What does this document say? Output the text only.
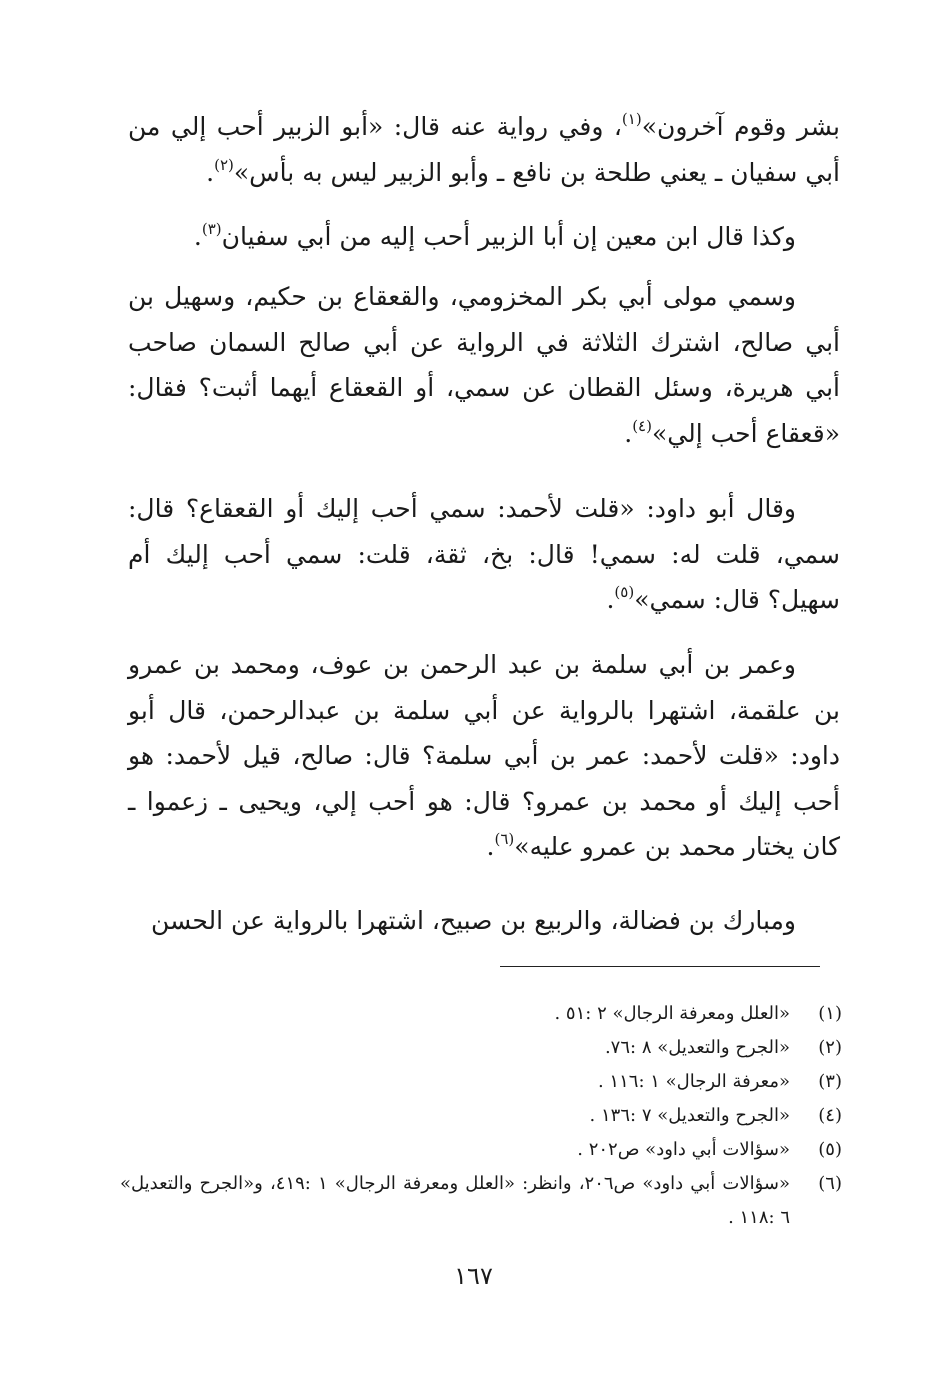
بشر وقوم آخرون»$^{(١)}$، وفي رواية عنه قال: «أبو الزبير أحب إلي من أبي سفيان ـ يعني طلحة بن نافع ـ وأبو الزبير ليس به بأس»$^{(٢)}$.
وكذا قال ابن معين إن أبا الزبير أحب إليه من أبي سفيان$^{(٣)}$.
وسمي مولى أبي بكر المخزومي، والقعقاع بن حكيم، وسهيل بن أبي صالح، اشترك الثلاثة في الرواية عن أبي صالح السمان صاحب أبي هريرة، وسئل القطان عن سمي، أو القعقاع أيهما أثبت؟ فقال: «قعقاع أحب إلي»$^{(٤)}$.
وقال أبو داود: «قلت لأحمد: سمي أحب إليك أو القعقاع؟ قال: سمي، قلت له: سمي! قال: بخ، ثقة، قلت: سمي أحب إليك أم سهيل؟ قال: سمي»$^{(٥)}$.
وعمر بن أبي سلمة بن عبد الرحمن بن عوف، ومحمد بن عمرو بن علقمة، اشتهرا بالرواية عن أبي سلمة بن عبدالرحمن، قال أبو داود: «قلت لأحمد: عمر بن أبي سلمة؟ قال: صالح، قيل لأحمد: هو أحب إليك أو محمد بن عمرو؟ قال: هو أحب إلي، ويحيى ـ زعموا ـ كان يختار محمد بن عمرو عليه»$^{(٦)}$.
ومبارك بن فضالة، والربيع بن صبيح، اشتهرا بالرواية عن الحسن
(١)
«العلل ومعرفة الرجال» ٢ :٥١ .
(٢)
«الجرح والتعديل» ٨ :٧٦.
(٣)
«معرفة الرجال» ١ :١١٦ .
(٤)
«الجرح والتعديل» ٧ :١٣٦ .
(٥)
«سؤالات أبي داود» ص٢٠٢ .
(٦)
«سؤالات أبي داود» ص٢٠٦، وانظر: «العلل ومعرفة الرجال» ١ :٤١٩، و«الجرح والتعديل» ٦ :١١٨ .
١٦٧
